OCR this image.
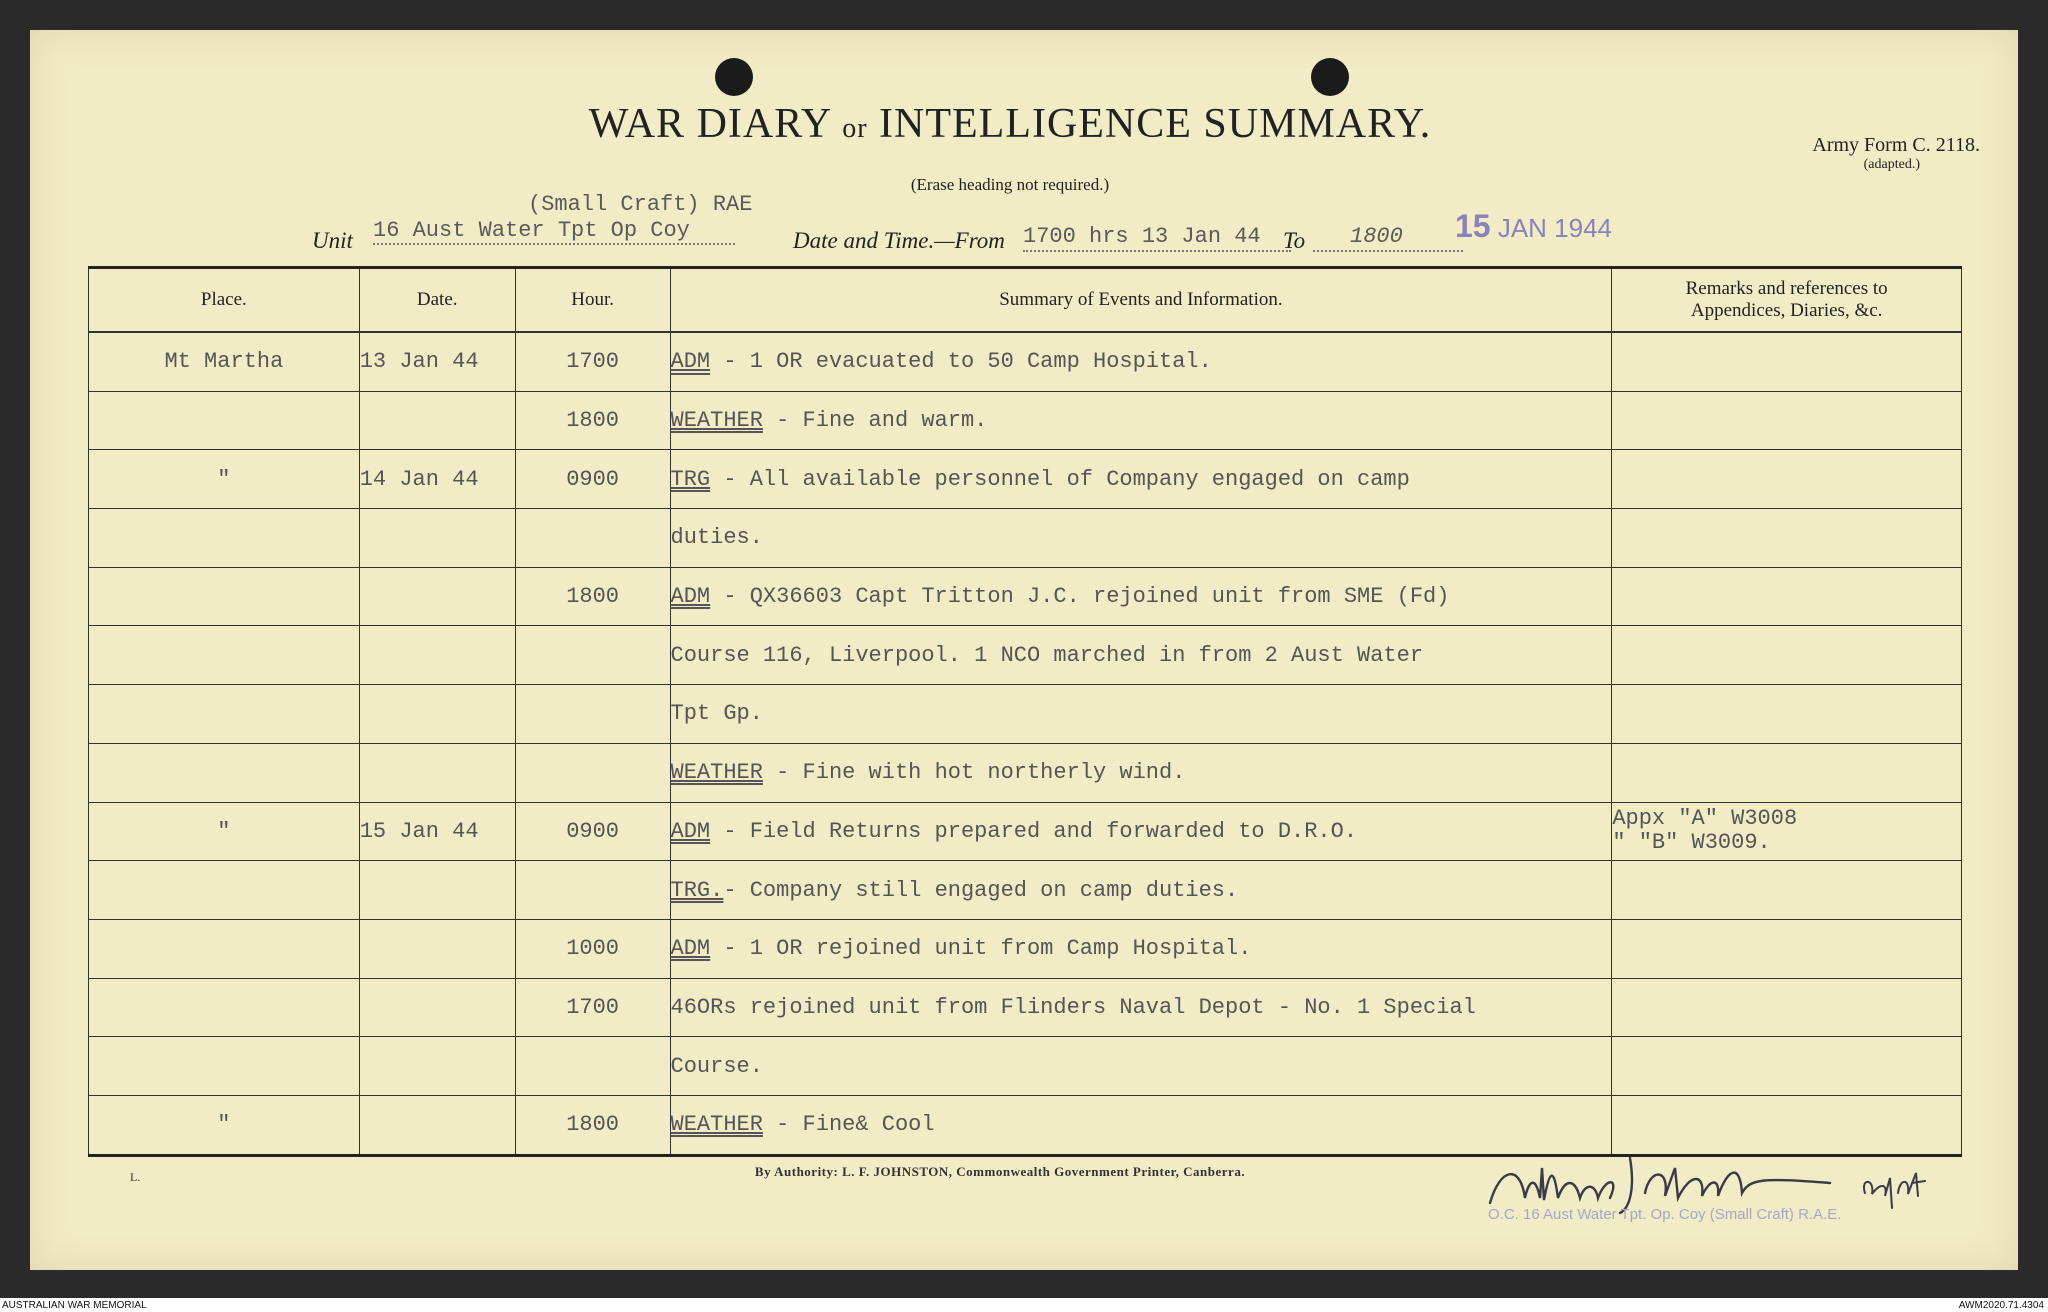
WAR DIARY or INTELLIGENCE SUMMARY.
(Erase heading not required.)
Army Form C. 2118.
(adapted.)
(Small Craft) RAE
Unit 16 Aust Water Tpt Op Coy	Date and Time.—From 1700 hrs 13 Jan 44 To 1800 15 JAN 1944
Place.	Date.	Hour.	Summary of Events and Information.	Remarks and references to
Appendices, Diaries, &c.
Mt Martha	13 Jan 44	1700	ADM - 1 OR evacuated to 50 Camp Hospital.	

		1800	WEATHER - Fine and warm.	

"	14 Jan 44	0900	TRG - All available personnel of Company engaged on camp	

			duties.	

		1800	ADM - QX36603 Capt Tritton J.C. rejoined unit from SME (Fd)	

			Course 116, Liverpool. 1 NCO marched in from 2 Aust Water	

			Tpt Gp.	

			WEATHER - Fine with hot northerly wind.	

"	15 Jan 44	0900	ADM - Field Returns prepared and forwarded to D.R.O.	Appx "A" W3008
" "B" W3009.

			TRG.- Company still engaged on camp duties.	

		1000	ADM - 1 OR rejoined unit from Camp Hospital.	

		1700	46ORs rejoined unit from Flinders Naval Depot - No. 1 Special	

			Course.	

"		1800	WEATHER - Fine& Cool	
L.	By Authority: L. F. JOHNSTON, Commonwealth Government Printer, Canberra.
O.C. 16 Aust Water Tpt. Op. Coy (Small Craft) R.A.E.
AUSTRALIAN WAR MEMORIAL	AWM2020.71.4304
